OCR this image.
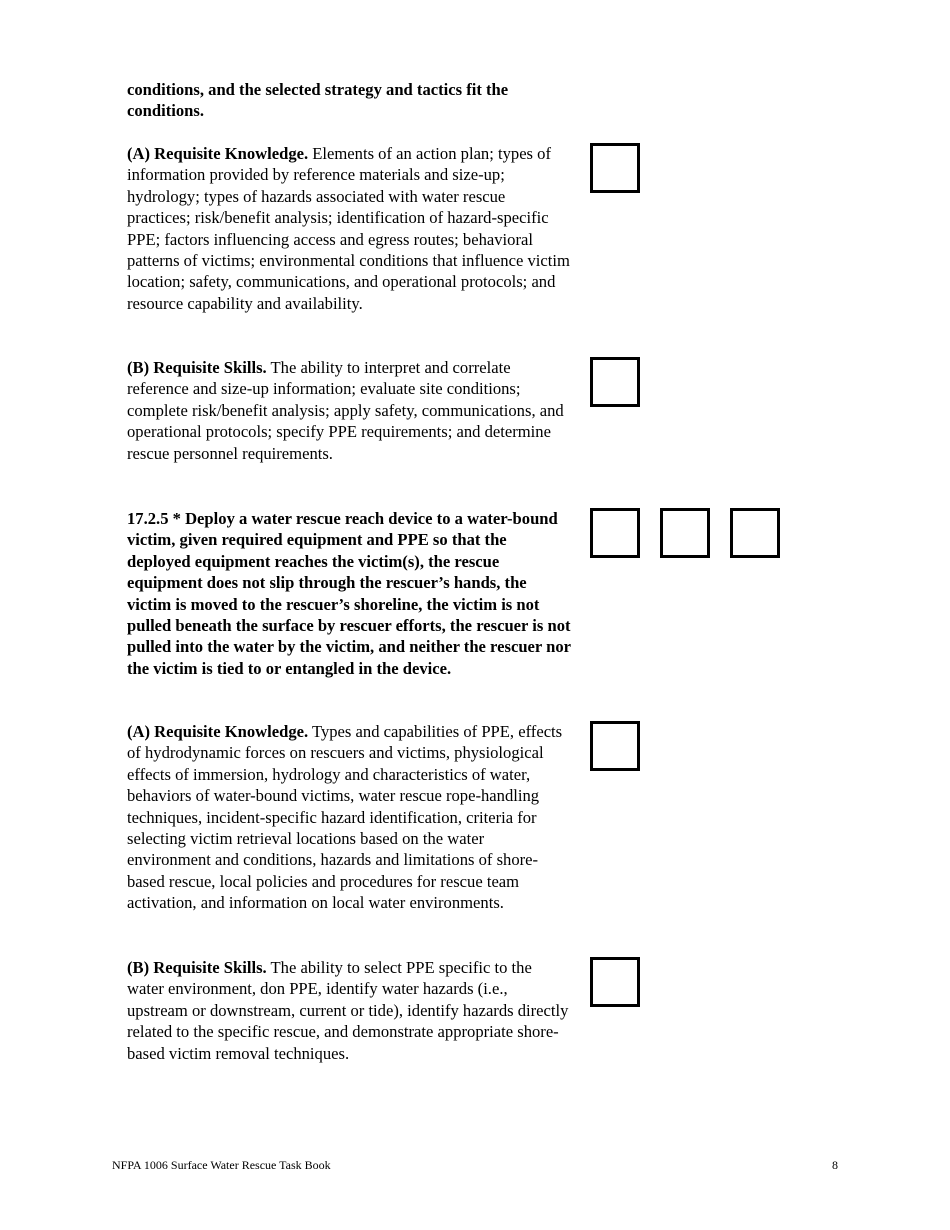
conditions, and the selected strategy and tactics fit the conditions.

(A) Requisite Knowledge. Elements of an action plan; types of information provided by reference materials and size-up; hydrology; types of hazards associated with water rescue practices; risk/benefit analysis; identification of hazard-specific PPE; factors influencing access and egress routes; behavioral patterns of victims; environmental conditions that influence victim location; safety, communications, and operational protocols; and resource capability and availability.

(B) Requisite Skills. The ability to interpret and correlate reference and size-up information; evaluate site conditions; complete risk/benefit analysis; apply safety, communications, and operational protocols; specify PPE requirements; and determine rescue personnel requirements.

17.2.5 * Deploy a water rescue reach device to a water-bound victim, given required equipment and PPE so that the deployed equipment reaches the victim(s), the rescue equipment does not slip through the rescuer’s hands, the victim is moved to the rescuer’s shoreline, the victim is not pulled beneath the surface by rescuer efforts, the rescuer is not pulled into the water by the victim, and neither the rescuer nor the victim is tied to or entangled in the device.

(A) Requisite Knowledge. Types and capabilities of PPE, effects of hydrodynamic forces on rescuers and victims, physiological effects of immersion, hydrology and characteristics of water, behaviors of water-bound victims, water rescue rope-handling techniques, incident-specific hazard identification, criteria for selecting victim retrieval locations based on the water environment and conditions, hazards and limitations of shore-based rescue, local policies and procedures for rescue team activation, and information on local water environments.

(B) Requisite Skills. The ability to select PPE specific to the water environment, don PPE, identify water hazards (i.e., upstream or downstream, current or tide), identify hazards directly related to the specific rescue, and demonstrate appropriate shore-based victim removal techniques.

NFPA 1006 Surface Water Rescue Task Book	8
